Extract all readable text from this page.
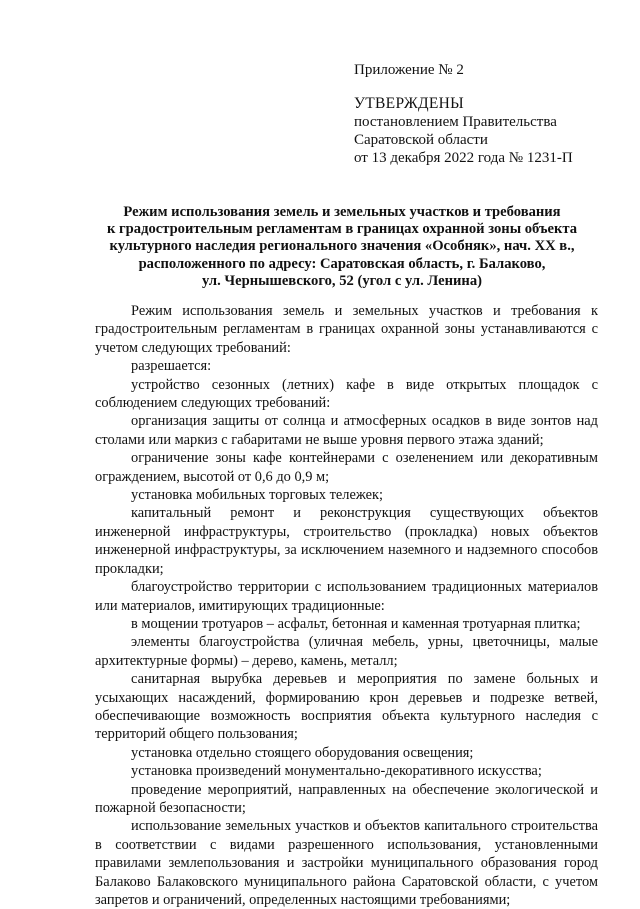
Приложение № 2
УТВЕРЖДЕНЫ
постановлением Правительства
Саратовской области
от 13 декабря 2022 года № 1231-П
Режим использования земель и земельных участков и требования
к градостроительным регламентам в границах охранной зоны объекта
культурного наследия регионального значения «Особняк», нач. XX в.,
расположенного по адресу: Саратовская область, г. Балаково,
ул. Чернышевского, 52 (угол с ул. Ленина)

Режим использования земель и земельных участков и требования к градостроительным регламентам в границах охранной зоны устанавливаются с учетом следующих требований:

разрешается:

устройство сезонных (летних) кафе в виде открытых площадок с соблюдением следующих требований:

организация защиты от солнца и атмосферных осадков в виде зонтов над столами или маркиз с габаритами не выше уровня первого этажа зданий;

ограничение зоны кафе контейнерами с озеленением или декоративным ограждением, высотой от 0,6 до 0,9 м;

установка мобильных торговых тележек;

капитальный ремонт и реконструкция существующих объектов инженерной инфраструктуры, строительство (прокладка) новых объектов инженерной инфраструктуры, за исключением наземного и надземного способов прокладки;

благоустройство территории с использованием традиционных материалов или материалов, имитирующих традиционные:

в мощении тротуаров – асфальт, бетонная и каменная тротуарная плитка;

элементы благоустройства (уличная мебель, урны, цветочницы, малые архитектурные формы) – дерево, камень, металл;

санитарная вырубка деревьев и мероприятия по замене больных и усыхающих насаждений, формированию крон деревьев и подрезке ветвей, обеспечивающие возможность восприятия объекта культурного наследия с территорий общего пользования;

установка отдельно стоящего оборудования освещения;

установка произведений монументально-декоративного искусства;

проведение мероприятий, направленных на обеспечение экологической и пожарной безопасности;

использование земельных участков и объектов капитального строительства в соответствии с видами разрешенного использования, установленными правилами землепользования и застройки муниципального образования город Балаково Балаковского муниципального района Саратовской области, с учетом запретов и ограничений, определенных настоящими требованиями;
